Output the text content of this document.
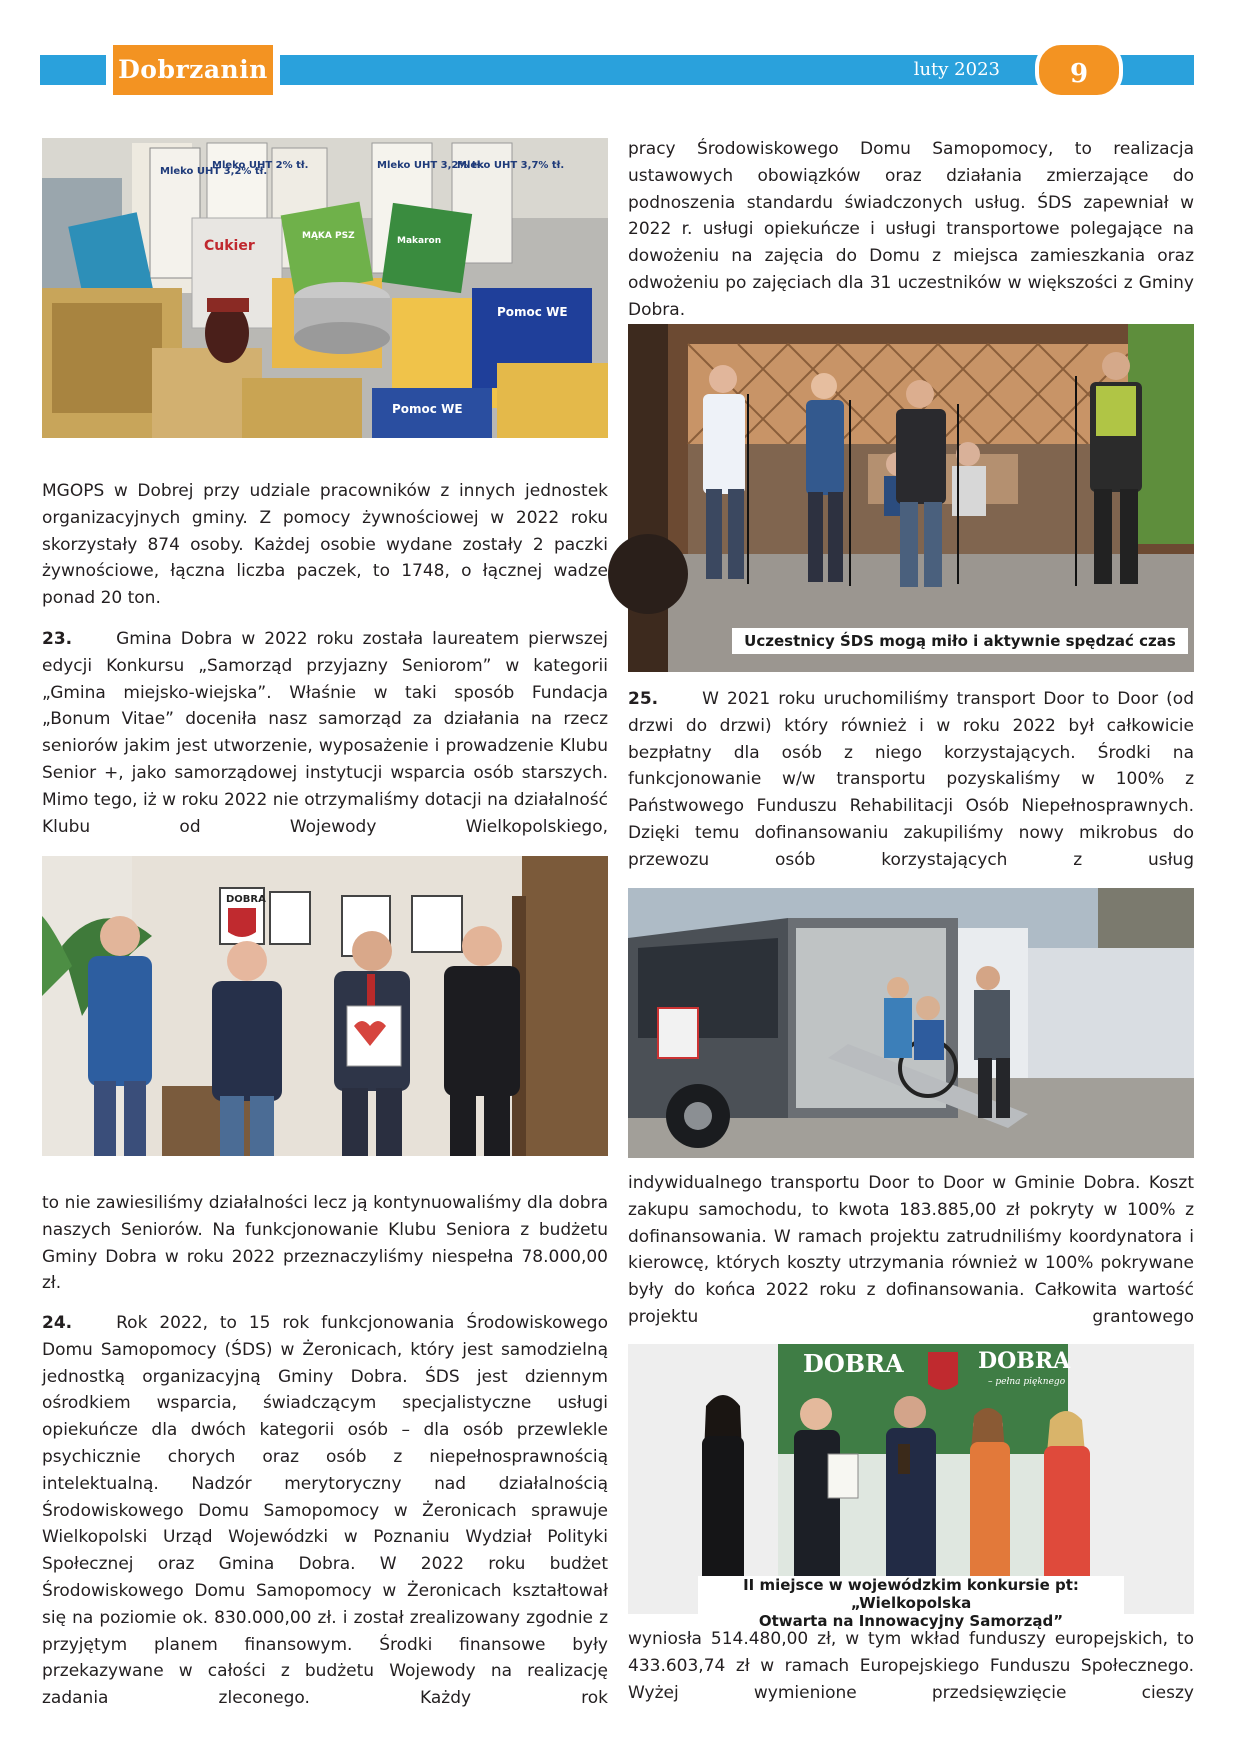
Dobrzanin	luty 2023	9
Mleko UHT 3,2% tł.
Mleko UHT 2% tł.	Mleko UHT 3,2% tł.
Mleko UHT 3,7% tł.
Cukier
MĄKA PSZ	Makaron
Pomoc WE
Pomoc WE
DOBRA
Uczestnicy ŚDS mogą miło i aktywnie spędzać czas
DOBRA	DOBRA
– pełna pięknego
II miejsce w wojewódzkim konkursie pt: „Wielkopolska
Otwarta na Innowacyjny Samorząd”

MGOPS w Dobrej przy udziale pracowników z innych jednostek organizacyjnych gminy. Z pomocy żywnościowej w 2022 roku skorzystały 874 osoby. Każdej osobie wydane zostały 2 paczki żywnościowe, łączna liczba paczek, to 1748, o łącznej wadze ponad 20 ton.

23.	Gmina Dobra w 2022 roku została laureatem pierwszej edycji Konkursu „Samorząd przyjazny Seniorom” w kategorii „Gmina miejsko-wiejska”. Właśnie w taki sposób Fundacja „Bonum Vitae” doceniła nasz samorząd za działania na rzecz seniorów jakim jest utworzenie, wyposażenie i prowadzenie Klubu Senior +, jako samorządowej instytucji wsparcia osób starszych. Mimo tego, iż w roku 2022 nie otrzymaliśmy dotacji na działalność Klubu od Wojewody Wielkopolskiego,

to nie zawiesiliśmy działalności lecz ją kontynuowaliśmy dla dobra naszych Seniorów. Na funkcjonowanie Klubu Seniora z budżetu Gminy Dobra w roku 2022 przeznaczyliśmy niespełna 78.000,00 zł.

24.	Rok 2022, to 15 rok funkcjonowania Środowiskowego Domu Samopomocy (ŚDS) w Żeronicach, który jest samodzielną jednostką organizacyjną Gminy Dobra. ŚDS jest dziennym ośrodkiem wsparcia, świadczącym specjalistyczne usługi opiekuńcze dla dwóch kategorii osób – dla osób przewlekle psychicznie chorych oraz osób z niepełnosprawnością intelektualną. Nadzór merytoryczny nad działalnością Środowiskowego Domu Samopomocy w Żeronicach sprawuje Wielkopolski Urząd Wojewódzki w Poznaniu Wydział Polityki Społecznej oraz Gmina Dobra. W 2022 roku budżet Środowiskowego Domu Samopomocy w Żeronicach kształtował się na poziomie ok. 830.000,00 zł. i został zrealizowany zgodnie z przyjętym planem finansowym. Środki finansowe były przekazywane w całości z budżetu Wojewody na realizację zadania zleconego. Każdy rok

pracy Środowiskowego Domu Samopomocy, to realizacja ustawowych obowiązków oraz działania zmierzające do podnoszenia standardu świadczonych usług. ŚDS zapewniał w 2022 r. usługi opiekuńcze i usługi transportowe polegające na dowożeniu na zajęcia do Domu z miejsca zamieszkania oraz odwożeniu po zajęciach dla 31 uczestników w większości z Gminy Dobra.

25.	W 2021 roku uruchomiliśmy transport Door to Door (od drzwi do drzwi) który również i w roku 2022 był całkowicie bezpłatny dla osób z niego korzystających. Środki na funkcjonowanie w/w transportu pozyskaliśmy w 100% z Państwowego Funduszu Rehabilitacji Osób Niepełnosprawnych. Dzięki temu dofinansowaniu zakupiliśmy nowy mikrobus do przewozu osób korzystających z usług

indywidualnego transportu Door to Door w Gminie Dobra. Koszt zakupu samochodu, to kwota 183.885,00 zł pokryty w 100% z dofinansowania. W ramach projektu zatrudniliśmy koordynatora i kierowcę, których koszty utrzymania również w 100% pokrywane były do końca 2022 roku z dofinansowania. Całkowita wartość projektu grantowego

wyniosła 514.480,00 zł, w tym wkład funduszy europejskich, to 433.603,74 zł w ramach Europejskiego Funduszu Społecznego. Wyżej wymienione przedsięwzięcie cieszy
